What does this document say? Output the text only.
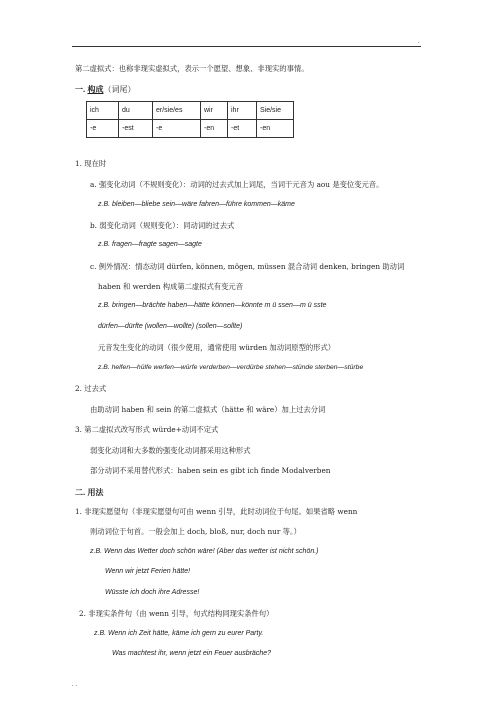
.
第二虚拟式：也称非现实虚拟式，表示一个愿望、想象、非现实的事情。
一. 构成（词尾）
ich	du	er/sie/es	wir	ihr	Sie/sie
-e	-est	-e	-en	-et	-en
1. 现在时
a. 强变化动词（不规则变化）：动词的过去式加上词尾，当词干元音为 aou 是变位变元音。
z.B. bleiben—bliebe sein—wäre fahren—führe kommen—käme
b. 弱变化动词（规则变化）：同动词的过去式
z.B. fragen—fragte sagen—sagte
c. 例外情况：情态动词 dürfen, können, mögen, müssen 混合动词 denken, bringen 助动词
haben 和 werden 构成第二虚拟式有变元音
z.B. bringen—brächte haben—hätte können—könnte m ü ssen—m ü sste
dürfen—dürfte (wollen—wollte) (sollen—sollte)
元音发生变化的动词（很少使用，通常使用 würden 加动词原型的形式）
z.B. helfen—hülfe werfen—würfe verderben—verdürbe stehen—stünde sterben—stürbe
2. 过去式
由助动词 haben 和 sein 的第二虚拟式（hätte 和 wäre）加上过去分词
3. 第二虚拟式改写形式 würde+动词不定式
弱变化动词和大多数的强变化动词都采用这种形式
部分动词不采用替代形式：haben sein es gibt ich finde Modalverben
二. 用法
1. 非现实愿望句（非现实愿望句可由 wenn 引导，此时动词位于句尾。如果省略 wenn
则动词位于句首。一般会加上 doch, bloß, nur, doch nur 等。）
z.B. Wenn das Wetter doch schön wäre! (Aber das wetter ist nicht schön.)
Wenn wir jetzt Ferien hätte!
Wüsste ich doch ihre Adresse!
2. 非现实条件句（由 wenn 引导，句式结构同现实条件句）
z.B. Wenn ich Zeit hätte, käme ich gern zu eurer Party.
Was machtest ihr, wenn jetzt ein Feuer ausbräche?
. .
